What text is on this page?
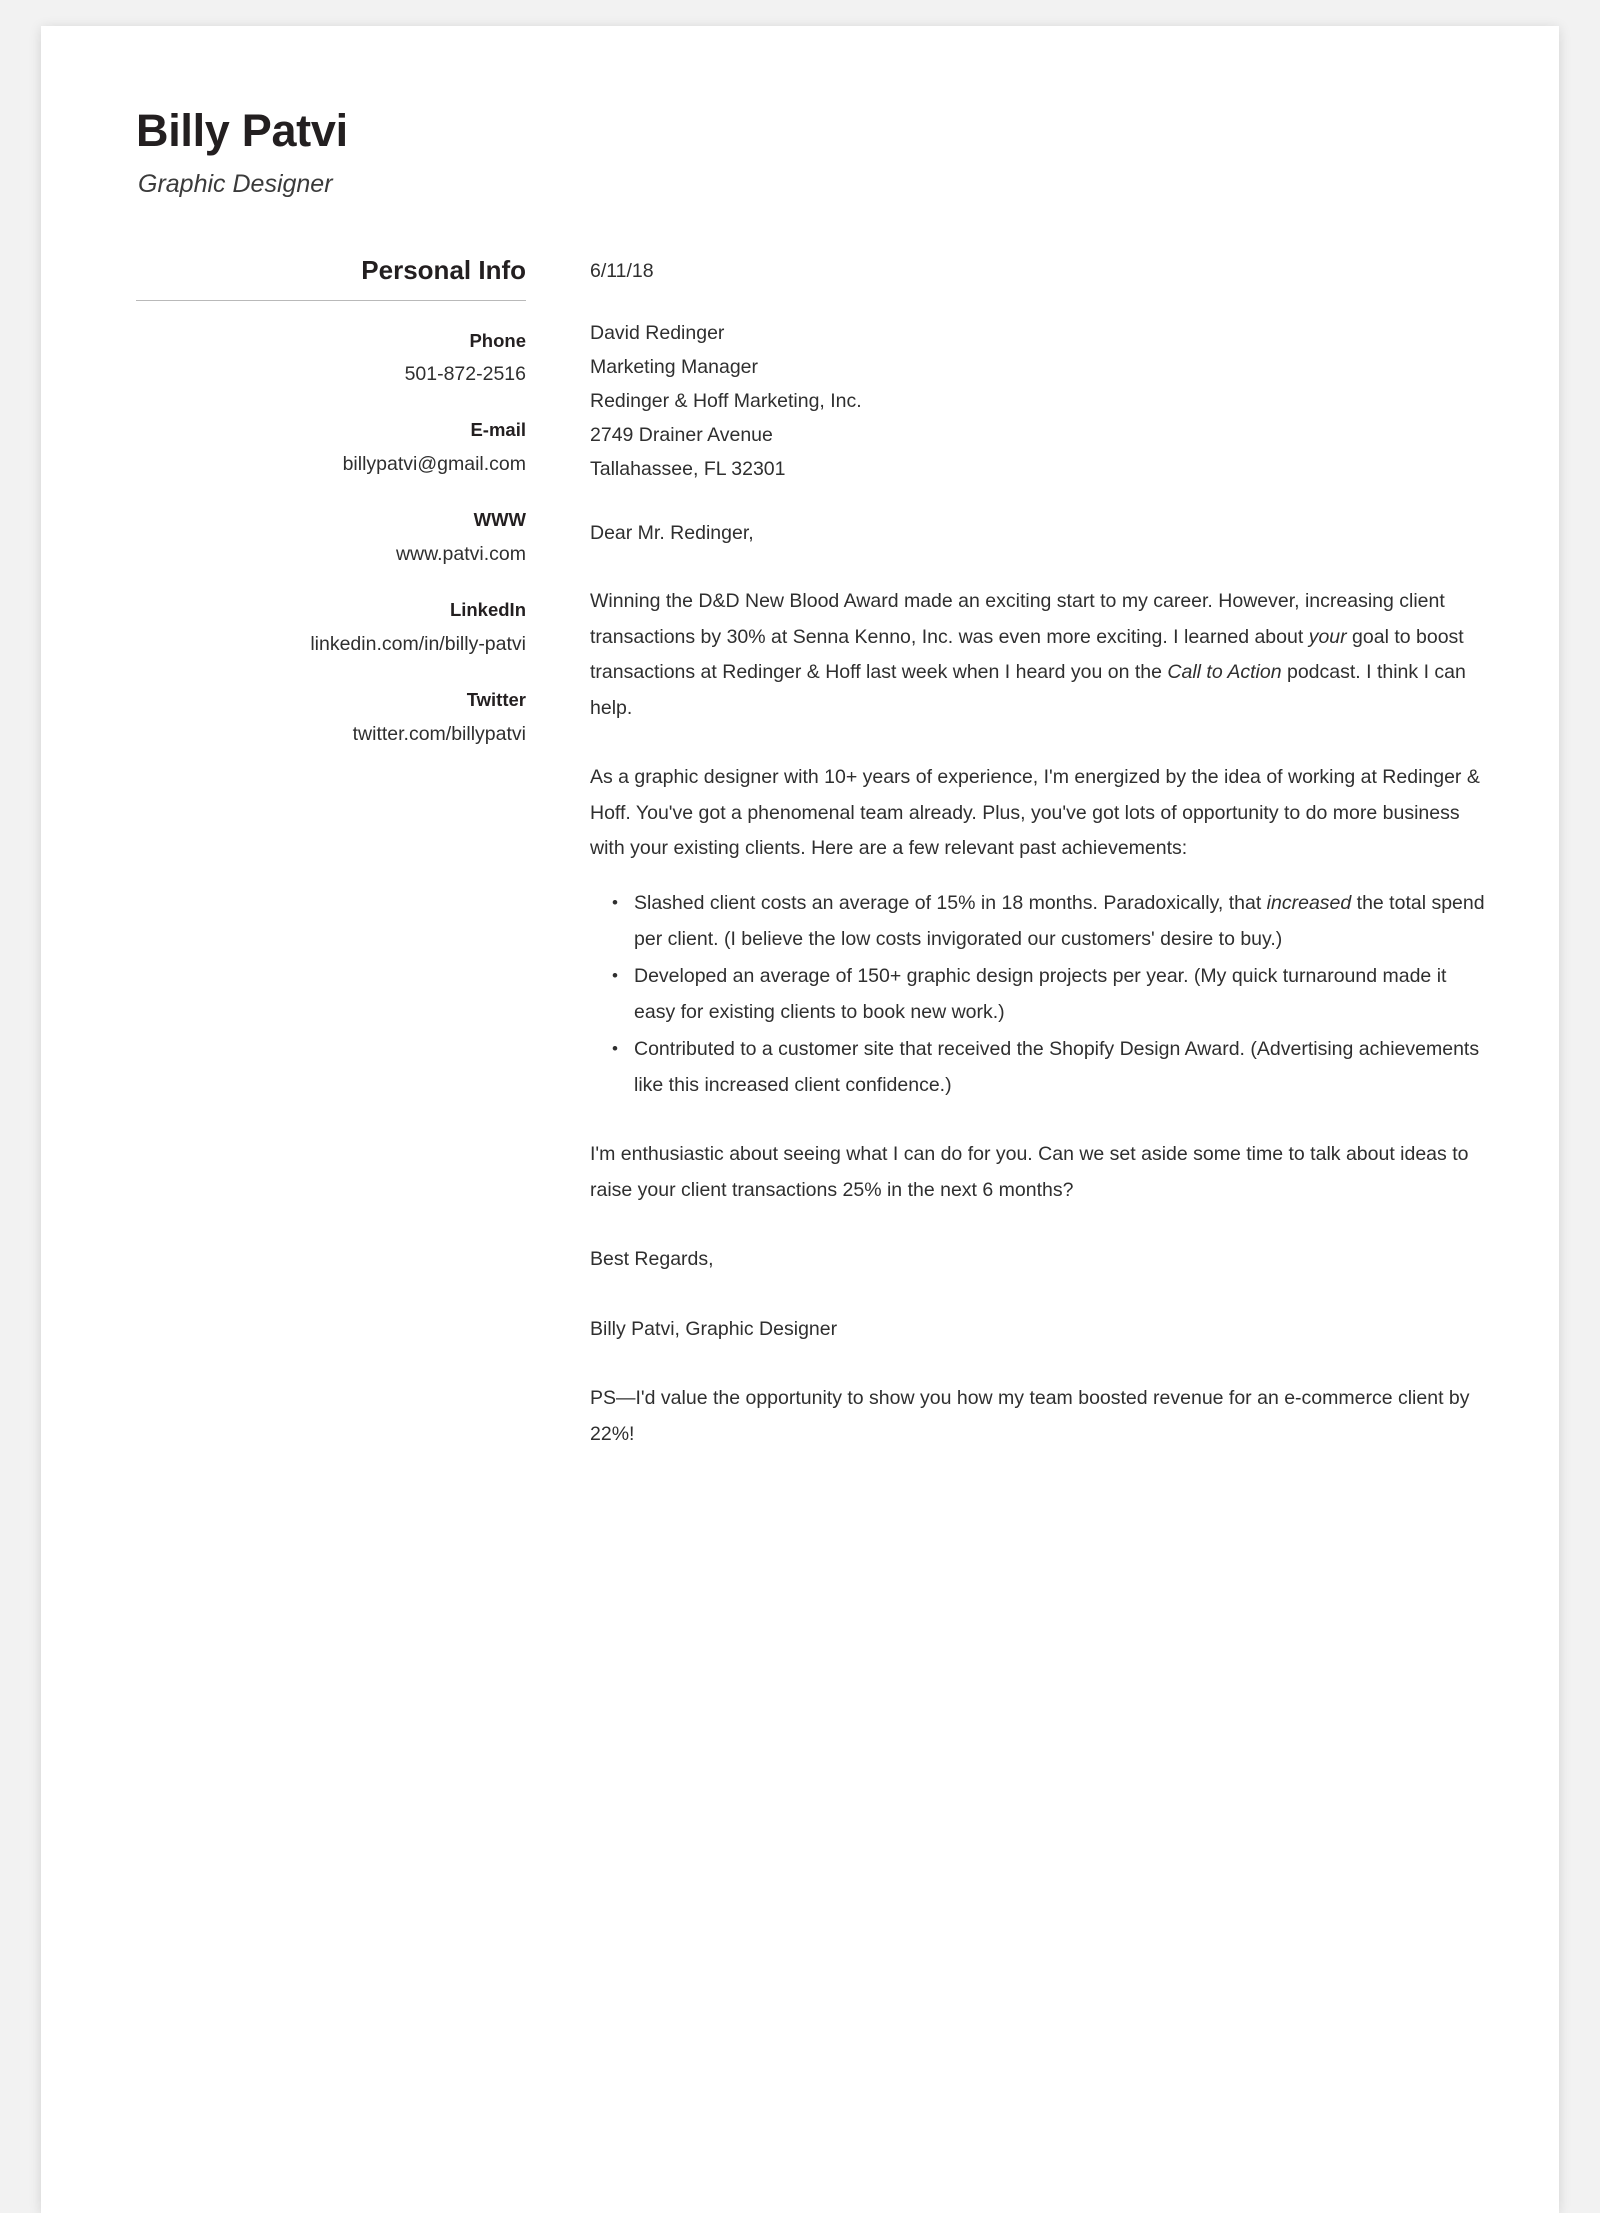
Billy Patvi
Graphic Designer
Personal Info
Phone
501-872-2516
E-mail
billypatvi@gmail.com
WWW
www.patvi.com
LinkedIn
linkedin.com/in/billy-patvi
Twitter
twitter.com/billypatvi
6/11/18
David Redinger
Marketing Manager
Redinger & Hoff Marketing, Inc.
2749 Drainer Avenue
Tallahassee, FL 32301
Dear Mr. Redinger,

Winning the D&D New Blood Award made an exciting start to my career. However, increasing client transactions by 30% at Senna Kenno, Inc. was even more exciting. I learned about your goal to boost transactions at Redinger & Hoff last week when I heard you on the Call to Action podcast. I think I can help.

As a graphic designer with 10+ years of experience, I'm energized by the idea of working at Redinger & Hoff. You've got a phenomenal team already. Plus, you've got lots of opportunity to do more business with your existing clients. Here are a few relevant past achievements:

• Slashed client costs an average of 15% in 18 months. Paradoxically, that increased the total spend per client. (I believe the low costs invigorated our customers' desire to buy.)
• Developed an average of 150+ graphic design projects per year. (My quick turnaround made it easy for existing clients to book new work.)
• Contributed to a customer site that received the Shopify Design Award. (Advertising achievements like this increased client confidence.)

I'm enthusiastic about seeing what I can do for you. Can we set aside some time to talk about ideas to raise your client transactions 25% in the next 6 months?

Best Regards,
Billy Patvi, Graphic Designer
PS—I'd value the opportunity to show you how my team boosted revenue for an e-commerce client by 22%!
